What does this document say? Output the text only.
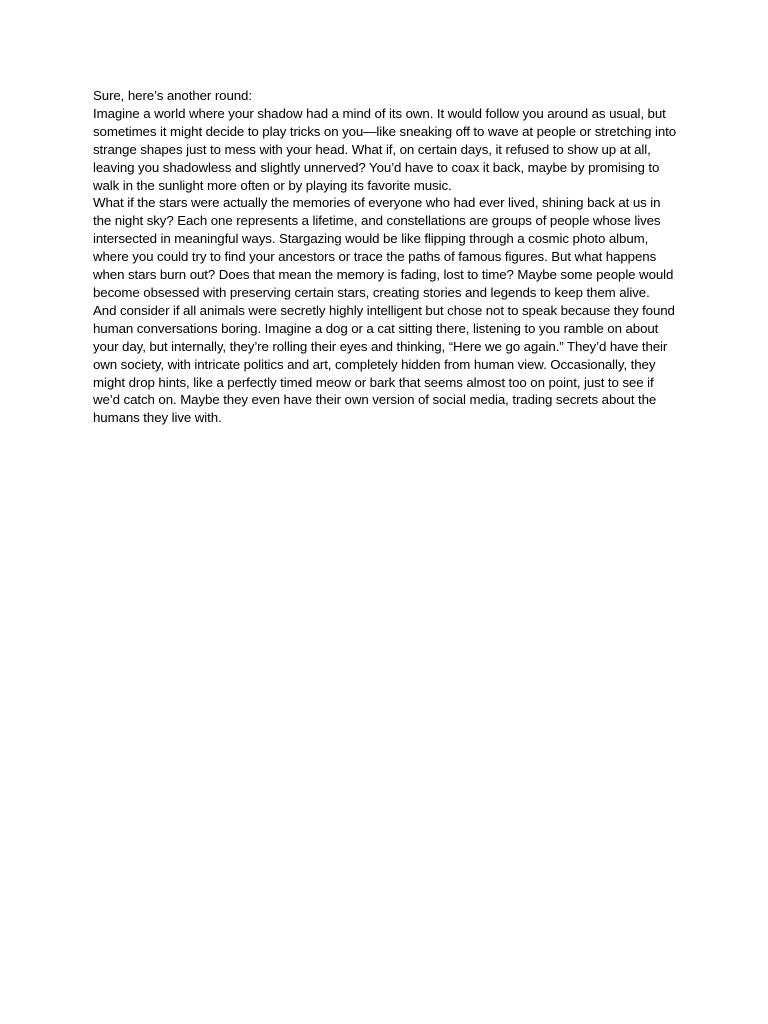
Sure, here’s another round:

Imagine a world where your shadow had a mind of its own. It would follow you around as usual, but sometimes it might decide to play tricks on you—like sneaking off to wave at people or stretching into strange shapes just to mess with your head. What if, on certain days, it refused to show up at all, leaving you shadowless and slightly unnerved? You’d have to coax it back, maybe by promising to walk in the sunlight more often or by playing its favorite music.

What if the stars were actually the memories of everyone who had ever lived, shining back at us in the night sky? Each one represents a lifetime, and constellations are groups of people whose lives intersected in meaningful ways. Stargazing would be like flipping through a cosmic photo album, where you could try to find your ancestors or trace the paths of famous figures. But what happens when stars burn out? Does that mean the memory is fading, lost to time? Maybe some people would become obsessed with preserving certain stars, creating stories and legends to keep them alive.

And consider if all animals were secretly highly intelligent but chose not to speak because they found human conversations boring. Imagine a dog or a cat sitting there, listening to you ramble on about your day, but internally, they’re rolling their eyes and thinking, “Here we go again.” They’d have their own society, with intricate politics and art, completely hidden from human view. Occasionally, they might drop hints, like a perfectly timed meow or bark that seems almost too on point, just to see if we’d catch on. Maybe they even have their own version of social media, trading secrets about the humans they live with.
